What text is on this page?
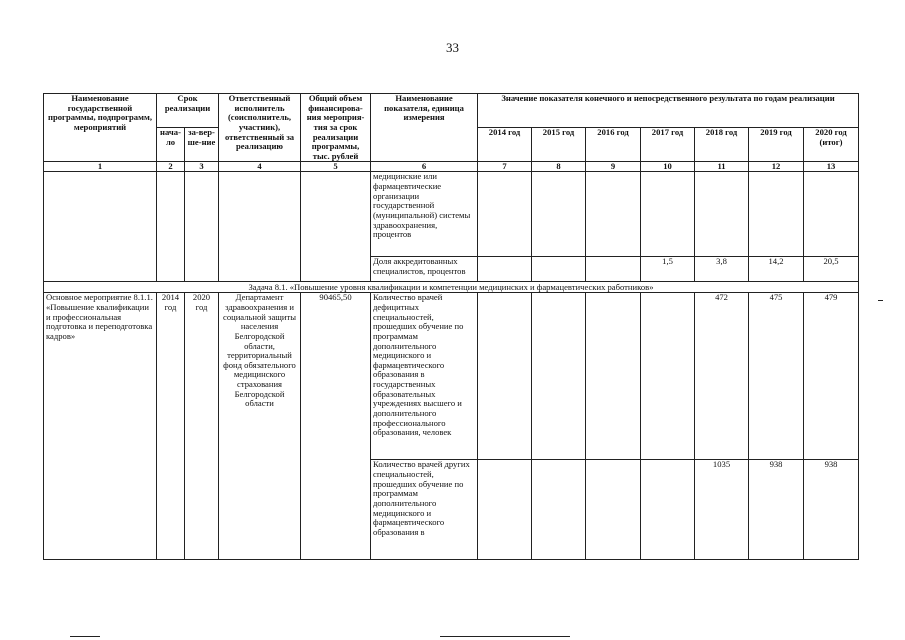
33
Наименование государственной программы, подпрограмм, мероприятий	Срок реализации		Ответственный исполнитель (соисполнитель, участник), ответственный за реализацию	Общий объем финансирова-ния мероприя-тия за срок реализации программы, тыс. рублей	Наименование показателя, единица измерения	Значение показателя конечного и непосредственного результата по годам реализации						
	нача-ло	за-вер-ше-ние				2014 год	2015 год	2016 год	2017 год	2018 год	2019 год	2020 год (итог)
1	2	3	4	5	6	7	8	9	10	11	12	13
					медицинские или фармацевтические организации государственной (муниципальной) системы здравоохранения, процентов							
					Доля аккредитованных специалистов, процентов				1,5	3,8	14,2	20,5
Задача 8.1. «Повышение уровня квалификации и компетенции медицинских и фармацевтических работников»												
Основное мероприятие 8.1.1. «Повышение квалификации и профессиональная подготовка и переподготовка кадров»	2014 год	2020 год	Департамент здравоохранения и социальной защиты населения Белгородской области, территориальный фонд обязательного медицинского страхования Белгородской области	90465,50	Количество врачей дефицитных специальностей, прошедших обучение по программам дополнительного медицинского и фармацевтического образования в государственных образовательных учреждениях высшего и дополнительного профессионального образования, человек					472	475	479
					Количество врачей других специальностей, прошедших обучение по программам дополнительного медицинского и фармацевтического образования в					1035	938	938
